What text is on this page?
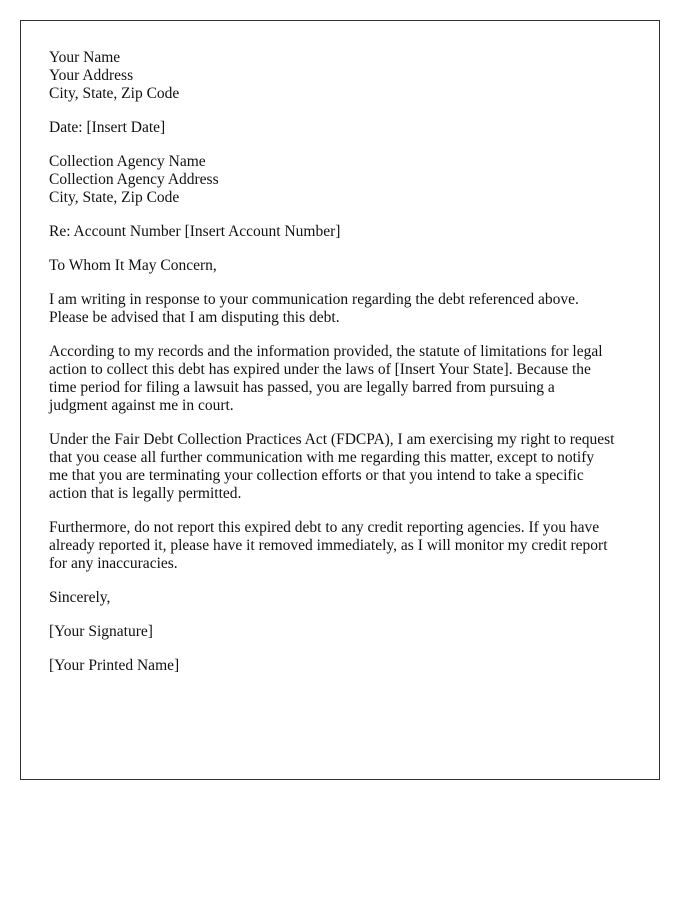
Your Name
Your Address
City, State, Zip Code
Date: [Insert Date]
Collection Agency Name
Collection Agency Address
City, State, Zip Code
Re: Account Number [Insert Account Number]
To Whom It May Concern,
I am writing in response to your communication regarding the debt referenced above.
Please be advised that I am disputing this debt.
According to my records and the information provided, the statute of limitations for legal
action to collect this debt has expired under the laws of [Insert Your State]. Because the
time period for filing a lawsuit has passed, you are legally barred from pursuing a
judgment against me in court.
Under the Fair Debt Collection Practices Act (FDCPA), I am exercising my right to request
that you cease all further communication with me regarding this matter, except to notify
me that you are terminating your collection efforts or that you intend to take a specific
action that is legally permitted.
Furthermore, do not report this expired debt to any credit reporting agencies. If you have
already reported it, please have it removed immediately, as I will monitor my credit report
for any inaccuracies.
Sincerely,
[Your Signature]
[Your Printed Name]
